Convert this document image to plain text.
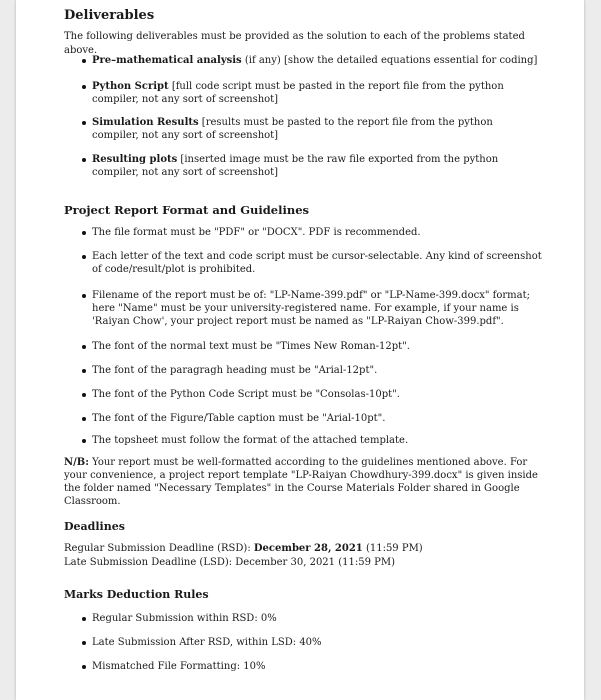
Deliverables
The following deliverables must be provided as the solution to each of the problems stated above.
Pre–mathematical analysis (if any) [show the detailed equations essential for coding]
Python Script [full code script must be pasted in the report file from the python compiler, not any sort of screenshot]
Simulation Results [results must be pasted to the report file from the python compiler, not any sort of screenshot]
Resulting plots [inserted image must be the raw file exported from the python compiler, not any sort of screenshot]
Project Report Format and Guidelines
The file format must be "PDF" or "DOCX". PDF is recommended.
Each letter of the text and code script must be cursor-selectable. Any kind of screenshot of code/result/plot is prohibited.
Filename of the report must be of: "LP-Name-399.pdf" or "LP-Name-399.docx" format; here "Name" must be your university-registered name. For example, if your name is 'Raiyan Chow', your project report must be named as "LP-Raiyan Chow-399.pdf".
The font of the normal text must be "Times New Roman-12pt".
The font of the paragragh heading must be "Arial-12pt".
The font of the Python Code Script must be "Consolas-10pt".
The font of the Figure/Table caption must be "Arial-10pt".
The topsheet must follow the format of the attached template.
N/B: Your report must be well-formatted according to the guidelines mentioned above. For your convenience, a project report template "LP-Raiyan Chowdhury-399.docx" is given inside the folder named "Necessary Templates" in the Course Materials Folder shared in Google Classroom.
Deadlines
Regular Submission Deadline (RSD): December 28, 2021 (11:59 PM)
Late Submission Deadline (LSD): December 30, 2021 (11:59 PM)
Marks Deduction Rules
Regular Submission within RSD: 0%
Late Submission After RSD, within LSD: 40%
Mismatched File Formatting: 10%
